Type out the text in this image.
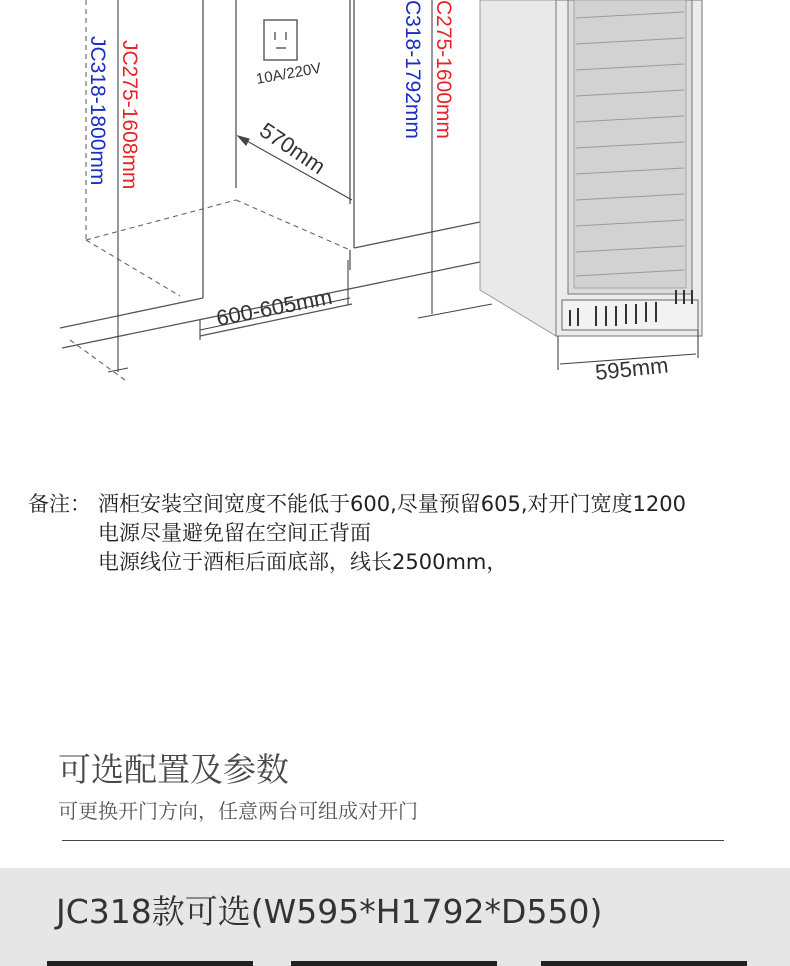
10A/220V
570mm
600-605mm
595mm
JC275-1608mm
JC318-1800mm	C275-1600mm
C318-1792mm
备注： 酒柜安装空间宽度不能低于600,尽量预留605,对开门宽度1200
电源尽量避免留在空间正背面
电源线位于酒柜后面底部，线长2500mm，
可选配置及参数
可更换开门方向，任意两台可组成对开门
JC318款可选(W595*H1792*D550)
